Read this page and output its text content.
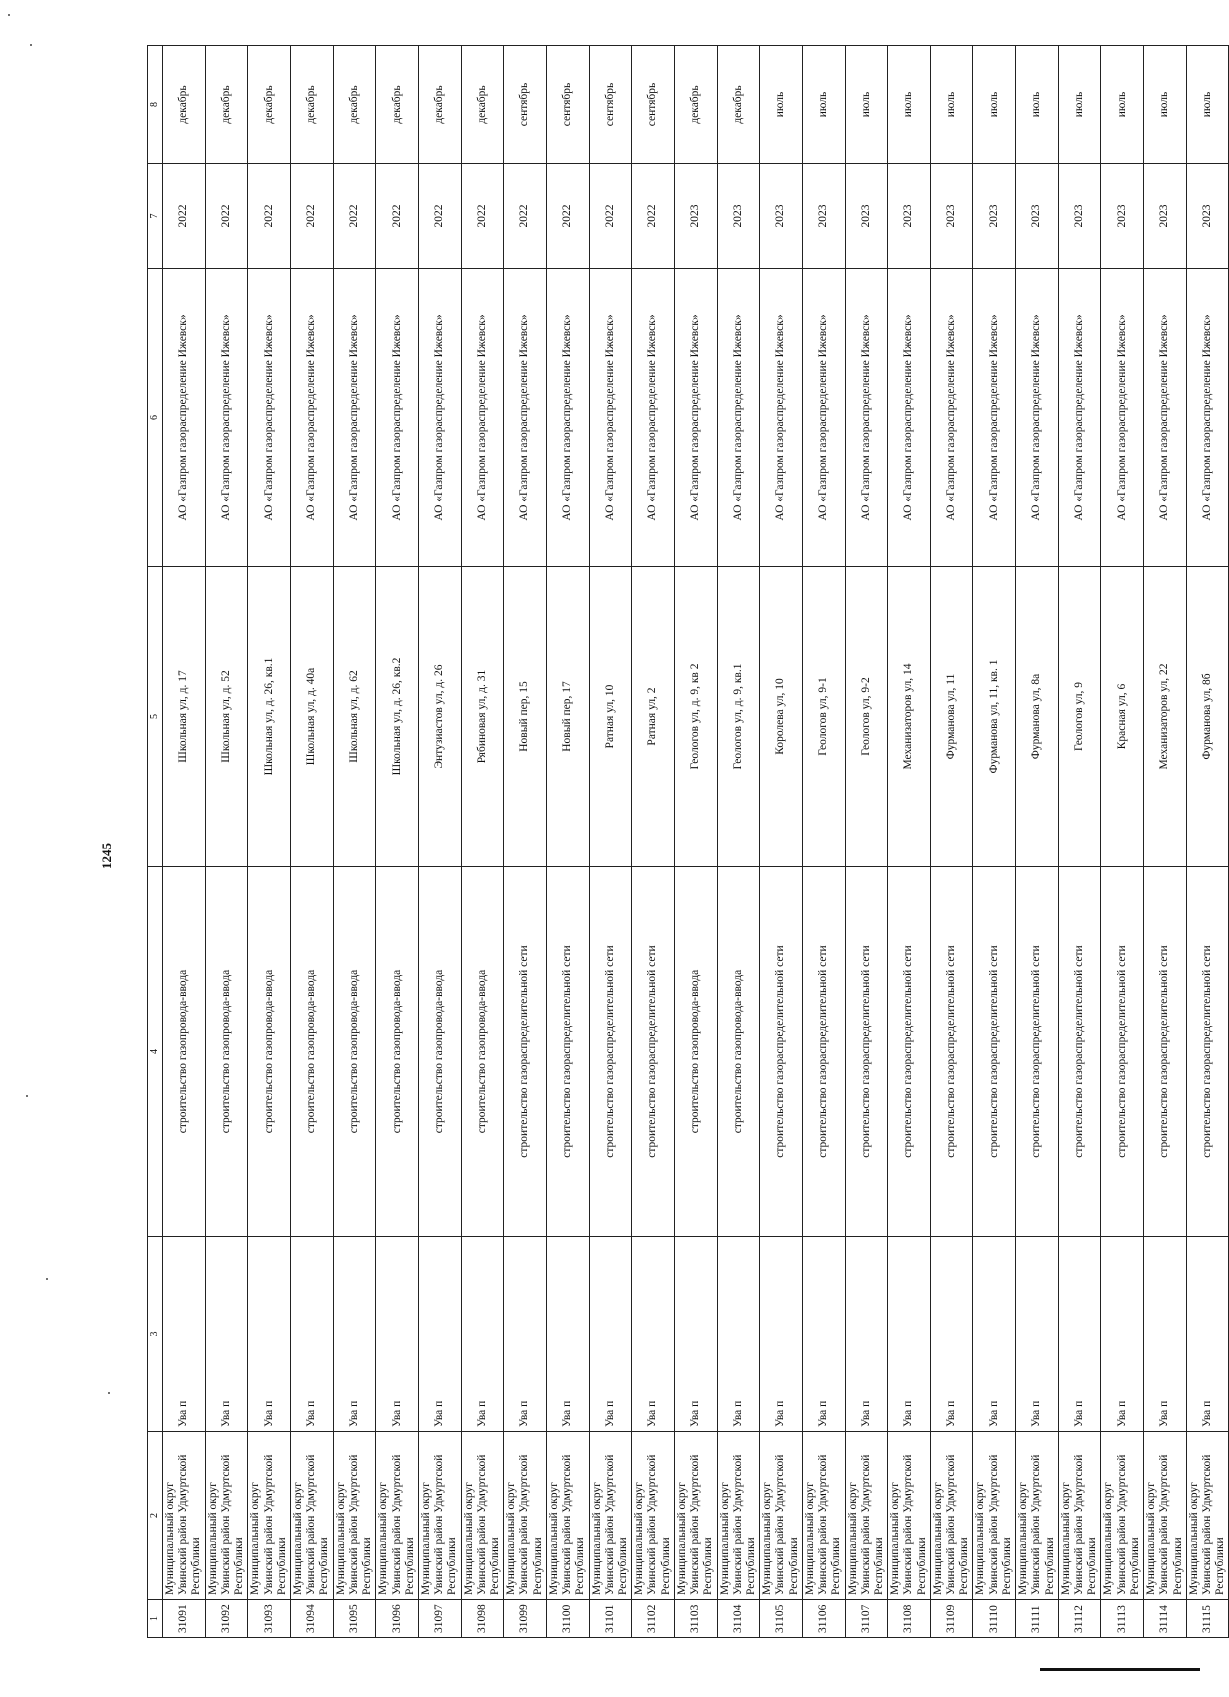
1245
1	2	3	4	5	6	7	8
31091	Муниципальный округ Увинский район Удмуртской Республики	Ува п	строительство газопровода-ввода	Школьная ул, д. 17	АО «Газпром газораспределение Ижевск»	2022	декабрь
31092	Муниципальный округ Увинский район Удмуртской Республики	Ува п	строительство газопровода-ввода	Школьная ул, д. 52	АО «Газпром газораспределение Ижевск»	2022	декабрь
31093	Муниципальный округ Увинский район Удмуртской Республики	Ува п	строительство газопровода-ввода	Школьная ул, д. 26, кв.1	АО «Газпром газораспределение Ижевск»	2022	декабрь
31094	Муниципальный округ Увинский район Удмуртской Республики	Ува п	строительство газопровода-ввода	Школьная ул, д. 40а	АО «Газпром газораспределение Ижевск»	2022	декабрь
31095	Муниципальный округ Увинский район Удмуртской Республики	Ува п	строительство газопровода-ввода	Школьная ул, д. 62	АО «Газпром газораспределение Ижевск»	2022	декабрь
31096	Муниципальный округ Увинский район Удмуртской Республики	Ува п	строительство газопровода-ввода	Школьная ул, д. 26, кв.2	АО «Газпром газораспределение Ижевск»	2022	декабрь
31097	Муниципальный округ Увинский район Удмуртской Республики	Ува п	строительство газопровода-ввода	Энтузиастов ул, д. 26	АО «Газпром газораспределение Ижевск»	2022	декабрь
31098	Муниципальный округ Увинский район Удмуртской Республики	Ува п	строительство газопровода-ввода	Рябиновая ул, д. 31	АО «Газпром газораспределение Ижевск»	2022	декабрь
31099	Муниципальный округ Увинский район Удмуртской Республики	Ува п	строительство газораспределительной сети	Новый пер, 15	АО «Газпром газораспределение Ижевск»	2022	сентябрь
31100	Муниципальный округ Увинский район Удмуртской Республики	Ува п	строительство газораспределительной сети	Новый пер, 17	АО «Газпром газораспределение Ижевск»	2022	сентябрь
31101	Муниципальный округ Увинский район Удмуртской Республики	Ува п	строительство газораспределительной сети	Ратная ул, 10	АО «Газпром газораспределение Ижевск»	2022	сентябрь
31102	Муниципальный округ Увинский район Удмуртской Республики	Ува п	строительство газораспределительной сети	Ратная ул, 2	АО «Газпром газораспределение Ижевск»	2022	сентябрь
31103	Муниципальный округ Увинский район Удмуртской Республики	Ува п	строительство газопровода-ввода	Геологов ул, д. 9, кв 2	АО «Газпром газораспределение Ижевск»	2023	декабрь
31104	Муниципальный округ Увинский район Удмуртской Республики	Ува п	строительство газопровода-ввода	Геологов ул, д. 9, кв.1	АО «Газпром газораспределение Ижевск»	2023	декабрь
31105	Муниципальный округ Увинский район Удмуртской Республики	Ува п	строительство газораспределительной сети	Королева ул, 10	АО «Газпром газораспределение Ижевск»	2023	июль
31106	Муниципальный округ Увинский район Удмуртской Республики	Ува п	строительство газораспределительной сети	Геологов ул, 9-1	АО «Газпром газораспределение Ижевск»	2023	июль
31107	Муниципальный округ Увинский район Удмуртской Республики	Ува п	строительство газораспределительной сети	Геологов ул, 9-2	АО «Газпром газораспределение Ижевск»	2023	июль
31108	Муниципальный округ Увинский район Удмуртской Республики	Ува п	строительство газораспределительной сети	Механизаторов ул, 14	АО «Газпром газораспределение Ижевск»	2023	июль
31109	Муниципальный округ Увинский район Удмуртской Республики	Ува п	строительство газораспределительной сети	Фурманова ул, 11	АО «Газпром газораспределение Ижевск»	2023	июль
31110	Муниципальный округ Увинский район Удмуртской Республики	Ува п	строительство газораспределительной сети	Фурманова ул, 11, кв. 1	АО «Газпром газораспределение Ижевск»	2023	июль
31111	Муниципальный округ Увинский район Удмуртской Республики	Ува п	строительство газораспределительной сети	Фурманова ул, 8а	АО «Газпром газораспределение Ижевск»	2023	июль
31112	Муниципальный округ Увинский район Удмуртской Республики	Ува п	строительство газораспределительной сети	Геологов ул, 9	АО «Газпром газораспределение Ижевск»	2023	июль
31113	Муниципальный округ Увинский район Удмуртской Республики	Ува п	строительство газораспределительной сети	Красная ул, 6	АО «Газпром газораспределение Ижевск»	2023	июль
31114	Муниципальный округ Увинский район Удмуртской Республики	Ува п	строительство газораспределительной сети	Механизаторов ул, 22	АО «Газпром газораспределение Ижевск»	2023	июль
31115	Муниципальный округ Увинский район Удмуртской Республики	Ува п	строительство газораспределительной сети	Фурманова ул, 8б	АО «Газпром газораспределение Ижевск»	2023	июль
